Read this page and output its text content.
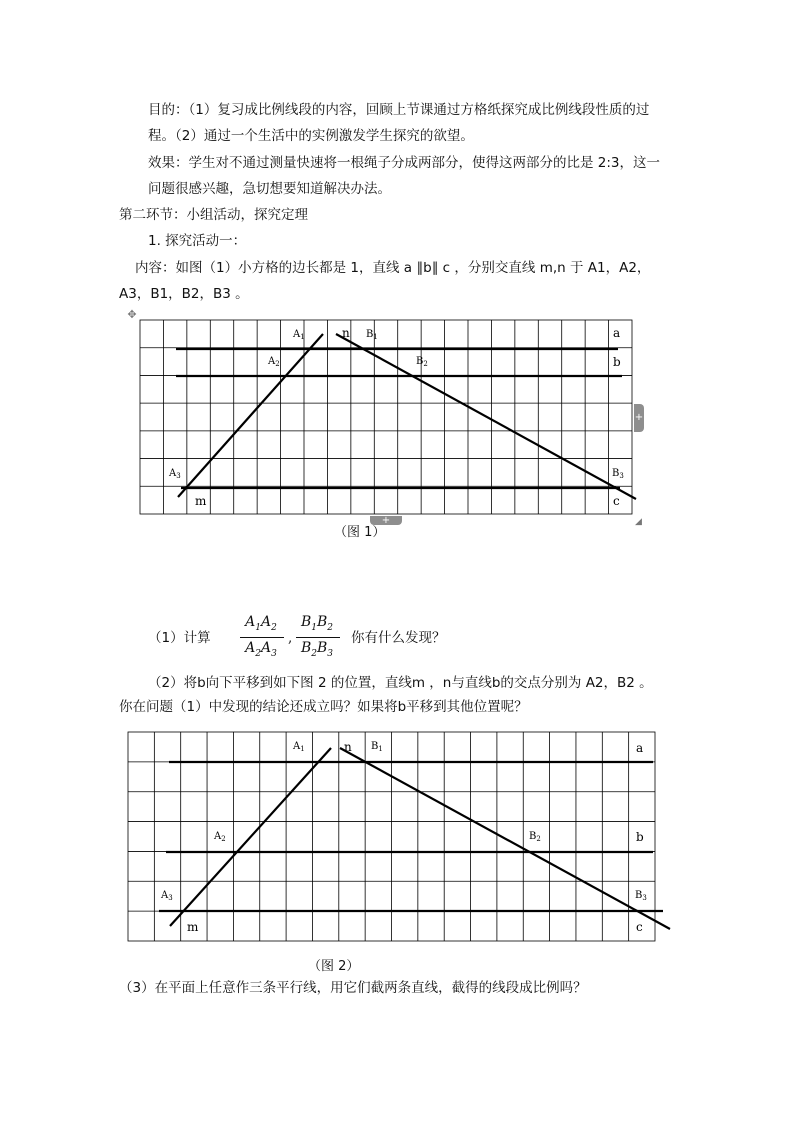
目的：（1）复习成比例线段的内容，回顾上节课通过方格纸探究成比例线段性质的过
程。（2）通过一个生活中的实例激发学生探究的欲望。
效果：学生对不通过测量快速将一根绳子分成两部分，使得这两部分的比是 2:3，这一
问题很感兴趣，急切想要知道解决办法。
第二环节：小组活动，探究定理
1. 探究活动一：
内容：如图（1）小方格的边长都是 1，直线 a ∥b∥ c ，分别交直线 m,n 于 A1，A2，
A3，B1，B2，B3 。
✥
$A_1$	n $B_1$	a
$A_2$	$B_2$	b
$A_3$	$B_3$
m	c
+
+	◢
（图 1）
（1）计算
$A_1A_2$
$A_2A_3$
,
$B_1B_2$
$B_2B_3$
你有什么发现？
（2）将b向下平移到如下图 2 的位置，直线m ，n与直线b的交点分别为 A2，B2 。
你在问题（1）中发现的结论还成立吗？如果将b平移到其他位置呢？
$A_1$	n $B_1$	a
$A_2$	$B_2$	b
$A_3$	$B_3$
m	c
（图 2）
（3）在平面上任意作三条平行线，用它们截两条直线，截得的线段成比例吗？
